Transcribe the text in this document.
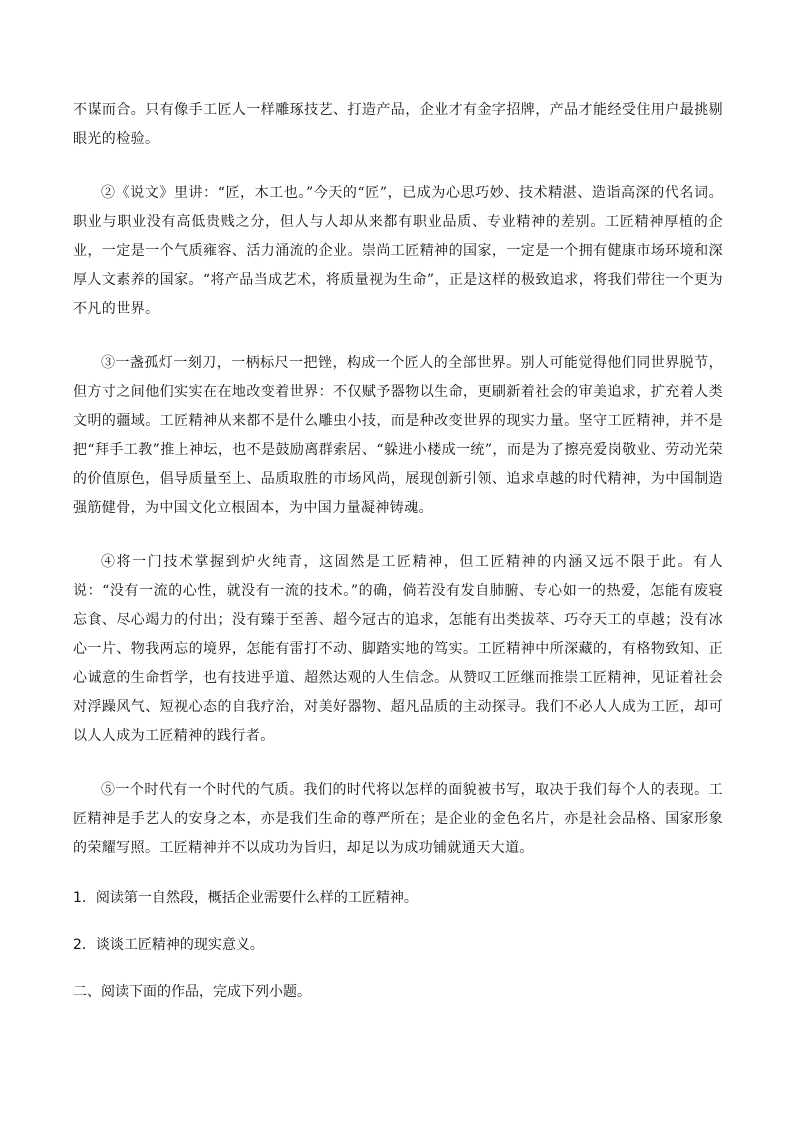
不谋而合。只有像手工匠人一样雕琢技艺、打造产品，企业才有金字招牌，产品才能经受住用户最挑剔眼光的检验。

②《说文》里讲：“匠，木工也。”今天的“匠”，已成为心思巧妙、技术精湛、造诣高深的代名词。职业与职业没有高低贵贱之分，但人与人却从来都有职业品质、专业精神的差别。工匠精神厚植的企业，一定是一个气质雍容、活力涌流的企业。崇尚工匠精神的国家，一定是一个拥有健康市场环境和深厚人文素养的国家。“将产品当成艺术，将质量视为生命”，正是这样的极致追求，将我们带往一个更为不凡的世界。

③一盏孤灯一刻刀，一柄标尺一把锉，构成一个匠人的全部世界。别人可能觉得他们同世界脱节，但方寸之间他们实实在在地改变着世界：不仅赋予器物以生命，更刷新着社会的审美追求，扩充着人类文明的疆域。工匠精神从来都不是什么雕虫小技，而是种改变世界的现实力量。坚守工匠精神，并不是把“拜手工教”推上神坛，也不是鼓励离群索居、“躲进小楼成一统”，而是为了擦亮爱岗敬业、劳动光荣的价值原色，倡导质量至上、品质取胜的市场风尚，展现创新引领、追求卓越的时代精神，为中国制造强筋健骨，为中国文化立根固本，为中国力量凝神铸魂。

④将一门技术掌握到炉火纯青，这固然是工匠精神，但工匠精神的内涵又远不限于此。有人说：“没有一流的心性，就没有一流的技术。”的确，倘若没有发自肺腑、专心如一的热爱，怎能有废寝忘食、尽心竭力的付出；没有臻于至善、超今冠古的追求，怎能有出类拔萃、巧夺天工的卓越；没有冰心一片、物我两忘的境界，怎能有雷打不动、脚踏实地的笃实。工匠精神中所深藏的，有格物致知、正心诚意的生命哲学，也有技进乎道、超然达观的人生信念。从赞叹工匠继而推崇工匠精神，见证着社会对浮躁风气、短视心态的自我疗治，对美好器物、超凡品质的主动探寻。我们不必人人成为工匠，却可以人人成为工匠精神的践行者。

⑤一个时代有一个时代的气质。我们的时代将以怎样的面貌被书写，取决于我们每个人的表现。工匠精神是手艺人的安身之本，亦是我们生命的尊严所在；是企业的金色名片，亦是社会品格、国家形象的荣耀写照。工匠精神并不以成功为旨归，却足以为成功铺就通天大道。

1．阅读第一自然段，概括企业需要什么样的工匠精神。

2．谈谈工匠精神的现实意义。

二、阅读下面的作品，完成下列小题。
